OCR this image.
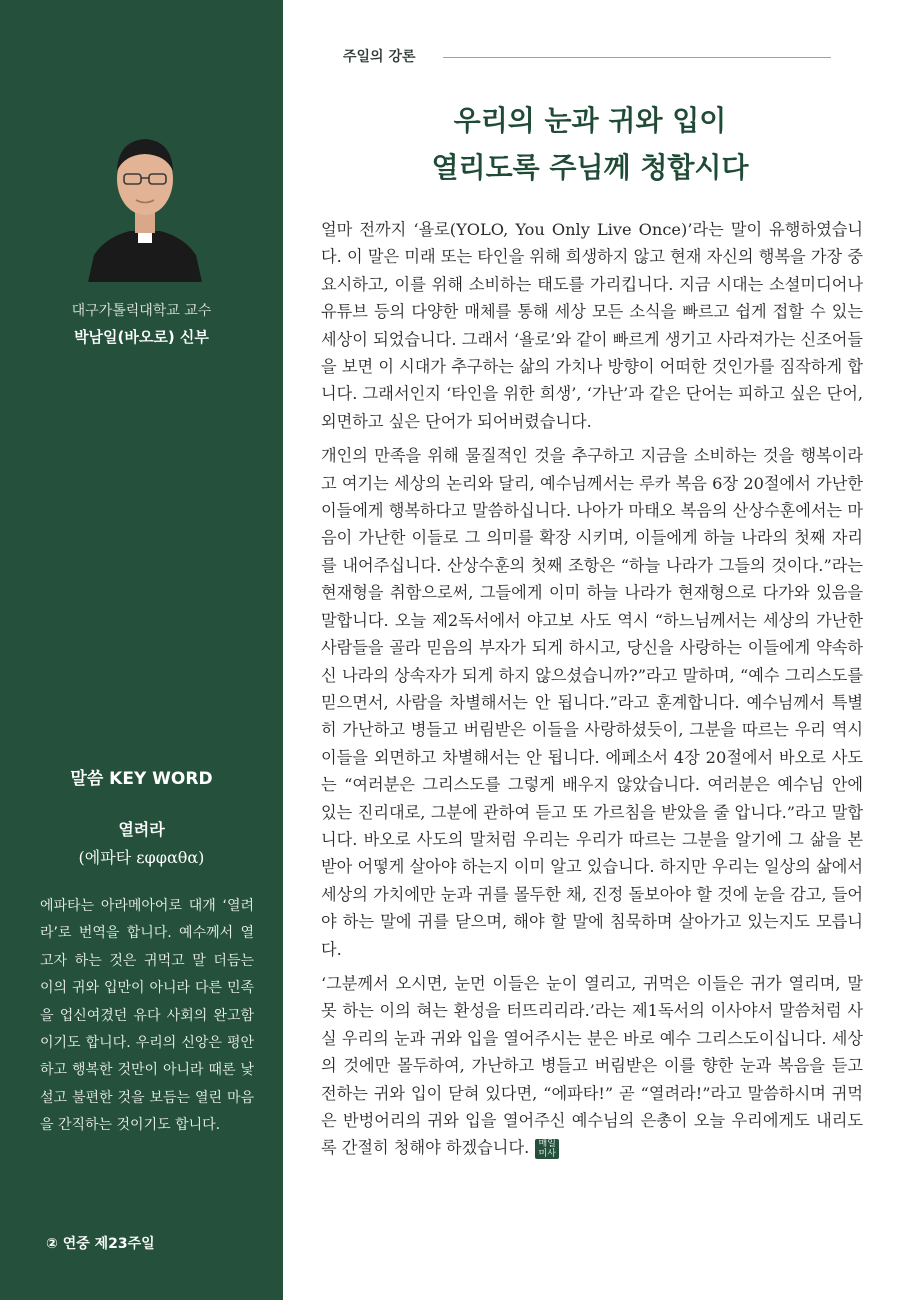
대구가톨릭대학교 교수
박남일(바오로) 신부
말씀 KEY WORD
열려라
(에파타 εφφαθα)
에파타는 아라메아어로 대개 ‘열려라’로 번역을 합니다. 예수께서 열고자 하는 것은 귀먹고 말 더듬는 이의 귀와 입만이 아니라 다른 민족을 업신여겼던 유다 사회의 완고함이기도 합니다. 우리의 신앙은 평안하고 행복한 것만이 아니라 때론 낯설고 불편한 것을 보듬는 열린 마음을 간직하는 것이기도 합니다.
② 연중 제23주일
주일의 강론
우리의 눈과 귀와 입이
열리도록 주님께 청합시다

얼마 전까지 ‘욜로(YOLO, You Only Live Once)’라는 말이 유행하였습니다. 이 말은 미래 또는 타인을 위해 희생하지 않고 현재 자신의 행복을 가장 중요시하고, 이를 위해 소비하는 태도를 가리킵니다. 지금 시대는 소셜미디어나 유튜브 등의 다양한 매체를 통해 세상 모든 소식을 빠르고 쉽게 접할 수 있는 세상이 되었습니다. 그래서 ‘욜로’와 같이 빠르게 생기고 사라져가는 신조어들을 보면 이 시대가 추구하는 삶의 가치나 방향이 어떠한 것인가를 짐작하게 합니다. 그래서인지 ‘타인을 위한 희생’, ‘가난’과 같은 단어는 피하고 싶은 단어, 외면하고 싶은 단어가 되어버렸습니다.

개인의 만족을 위해 물질적인 것을 추구하고 지금을 소비하는 것을 행복이라고 여기는 세상의 논리와 달리, 예수님께서는 루카 복음 6장 20절에서 가난한 이들에게 행복하다고 말씀하십니다. 나아가 마태오 복음의 산상수훈에서는 마음이 가난한 이들로 그 의미를 확장 시키며, 이들에게 하늘 나라의 첫째 자리를 내어주십니다. 산상수훈의 첫째 조항은 “하늘 나라가 그들의 것이다.”라는 현재형을 취함으로써, 그들에게 이미 하늘 나라가 현재형으로 다가와 있음을 말합니다. 오늘 제2독서에서 야고보 사도 역시 “하느님께서는 세상의 가난한 사람들을 골라 믿음의 부자가 되게 하시고, 당신을 사랑하는 이들에게 약속하신 나라의 상속자가 되게 하지 않으셨습니까?”라고 말하며, “예수 그리스도를 믿으면서, 사람을 차별해서는 안 됩니다.”라고 훈계합니다. 예수님께서 특별히 가난하고 병들고 버림받은 이들을 사랑하셨듯이, 그분을 따르는 우리 역시 이들을 외면하고 차별해서는 안 됩니다. 에페소서 4장 20절에서 바오로 사도는 “여러분은 그리스도를 그렇게 배우지 않았습니다. 여러분은 예수님 안에 있는 진리대로, 그분에 관하여 듣고 또 가르침을 받았을 줄 압니다.”라고 말합니다. 바오로 사도의 말처럼 우리는 우리가 따르는 그분을 알기에 그 삶을 본받아 어떻게 살아야 하는지 이미 알고 있습니다. 하지만 우리는 일상의 삶에서 세상의 가치에만 눈과 귀를 몰두한 채, 진정 돌보아야 할 것에 눈을 감고, 들어야 하는 말에 귀를 닫으며, 해야 할 말에 침묵하며 살아가고 있는지도 모릅니다.

‘그분께서 오시면, 눈먼 이들은 눈이 열리고, 귀먹은 이들은 귀가 열리며, 말 못 하는 이의 혀는 환성을 터뜨리리라.’라는 제1독서의 이사야서 말씀처럼 사실 우리의 눈과 귀와 입을 열어주시는 분은 바로 예수 그리스도이십니다. 세상의 것에만 몰두하여, 가난하고 병들고 버림받은 이를 향한 눈과 복음을 듣고 전하는 귀와 입이 닫혀 있다면, “에파타!” 곧 “열려라!”라고 말씀하시며 귀먹은 반벙어리의 귀와 입을 열어주신 예수님의 은총이 오늘 우리에게도 내리도록 간절히 청해야 하겠습니다. 매일미사
